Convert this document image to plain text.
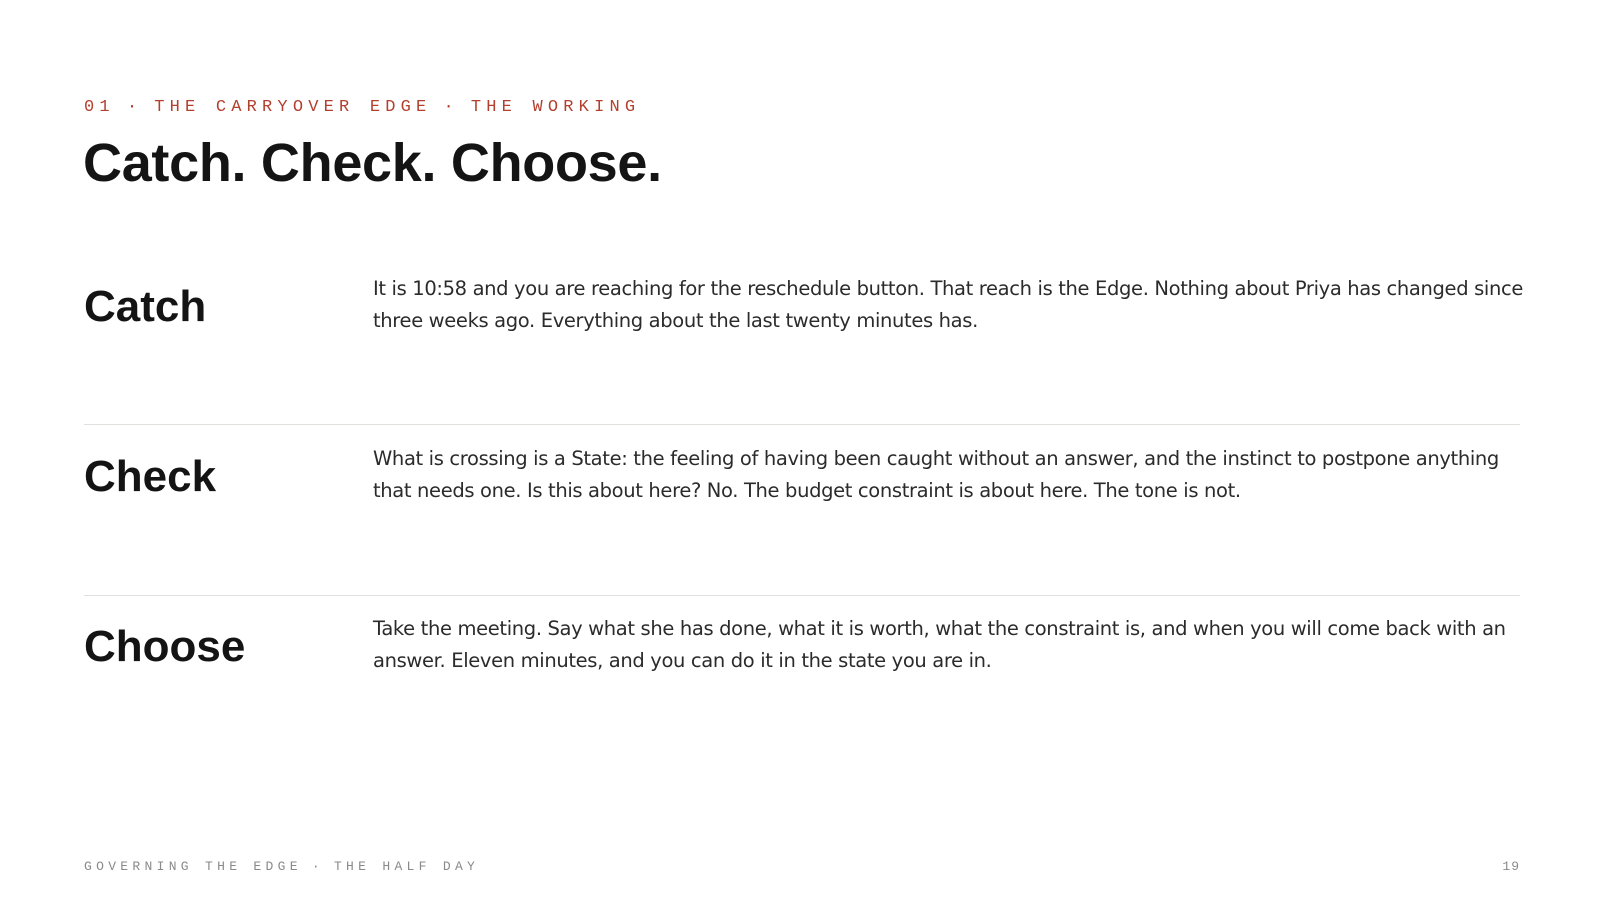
01 · THE CARRYOVER EDGE · THE WORKING
Catch. Check. Choose.
Catch	It is 10:58 and you are reaching for the reschedule button. That reach is the Edge. Nothing about Priya has changed since three weeks ago. Everything about the last twenty minutes has.

Check	What is crossing is a State: the feeling of having been caught without an answer, and the instinct to postpone anything that needs one. Is this about here? No. The budget constraint is about here. The tone is not.

Choose	Take the meeting. Say what she has done, what it is worth, what the constraint is, and when you will come back with an answer. Eleven minutes, and you can do it in the state you are in.

GOVERNING THE EDGE · THE HALF DAY	19
